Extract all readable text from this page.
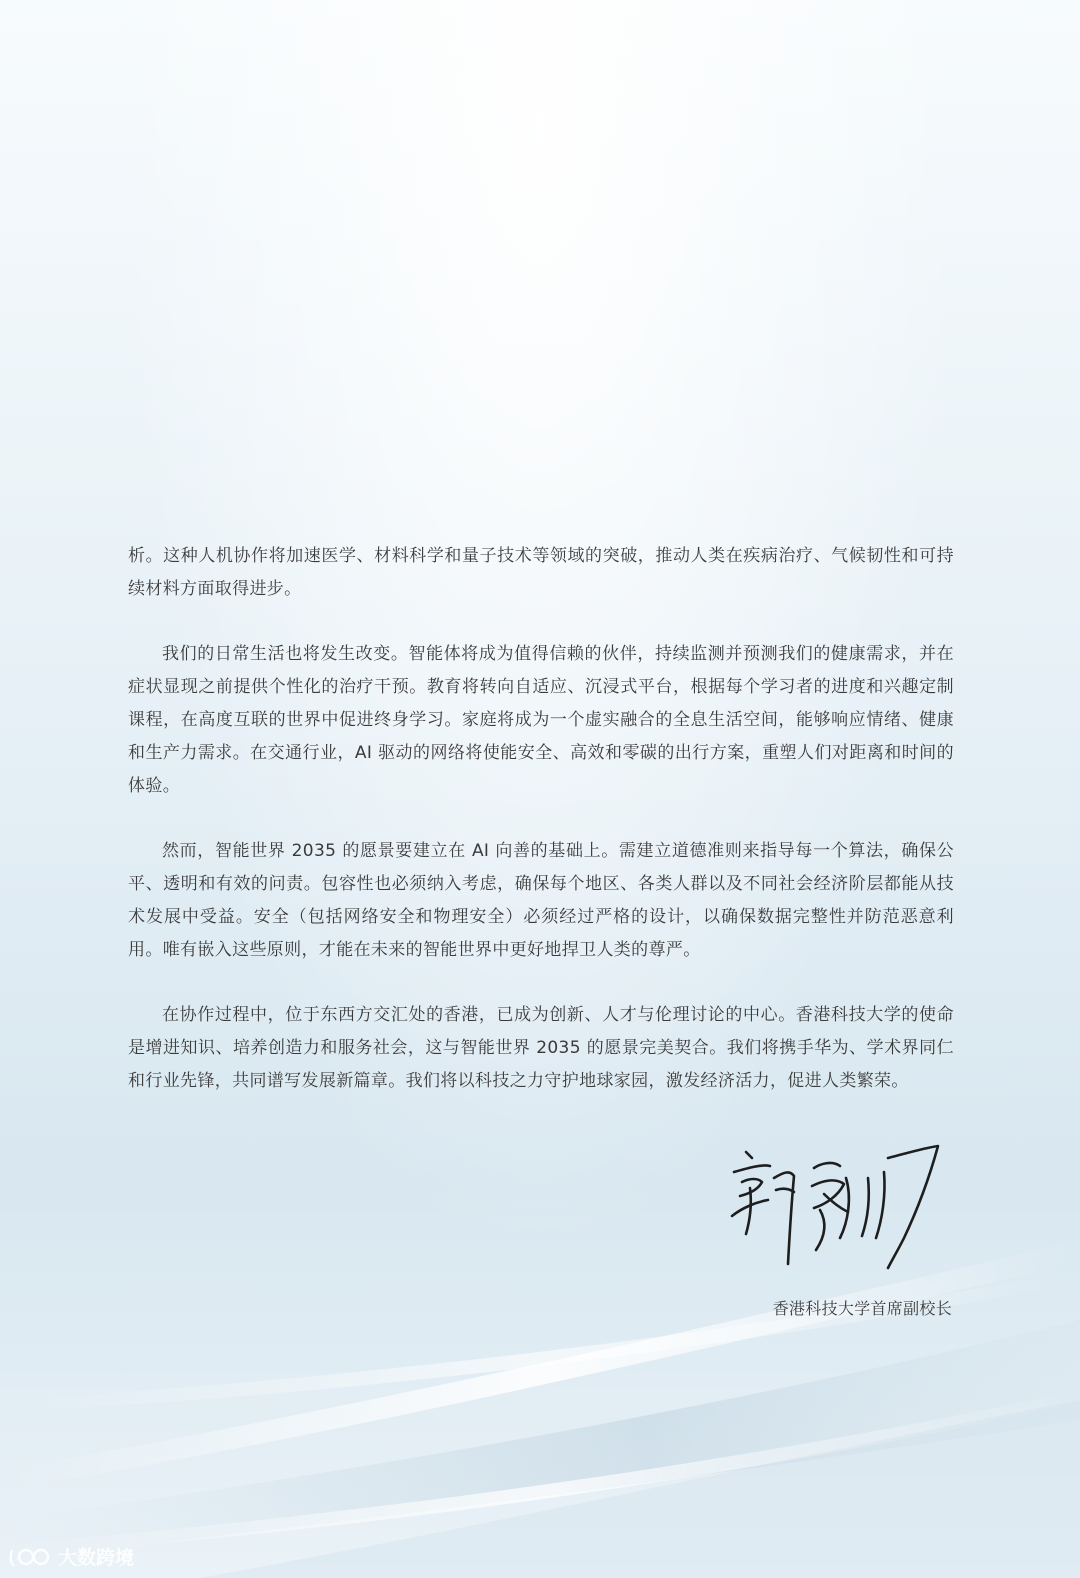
析。这种人机协作将加速医学、材料科学和量子技术等领域的突破，推动人类在疾病治疗、气候韧性和可持续材料方面取得进步。

我们的日常生活也将发生改变。智能体将成为值得信赖的伙伴，持续监测并预测我们的健康需求，并在症状显现之前提供个性化的治疗干预。教育将转向自适应、沉浸式平台，根据每个学习者的进度和兴趣定制课程，在高度互联的世界中促进终身学习。家庭将成为一个虚实融合的全息生活空间，能够响应情绪、健康和生产力需求。在交通行业，AI 驱动的网络将使能安全、高效和零碳的出行方案，重塑人们对距离和时间的体验。

然而，智能世界 2035 的愿景要建立在 AI 向善的基础上。需建立道德准则来指导每一个算法，确保公平、透明和有效的问责。包容性也必须纳入考虑，确保每个地区、各类人群以及不同社会经济阶层都能从技术发展中受益。安全（包括网络安全和物理安全）必须经过严格的设计，以确保数据完整性并防范恶意利用。唯有嵌入这些原则，才能在未来的智能世界中更好地捍卫人类的尊严。

在协作过程中，位于东西方交汇处的香港，已成为创新、人才与伦理讨论的中心。香港科技大学的使命是增进知识、培养创造力和服务社会，这与智能世界 2035 的愿景完美契合。我们将携手华为、学术界同仁和行业先锋，共同谱写发展新篇章。我们将以科技之力守护地球家园，激发经济活力，促进人类繁荣。

香港科技大学首席副校长
大数跨境
